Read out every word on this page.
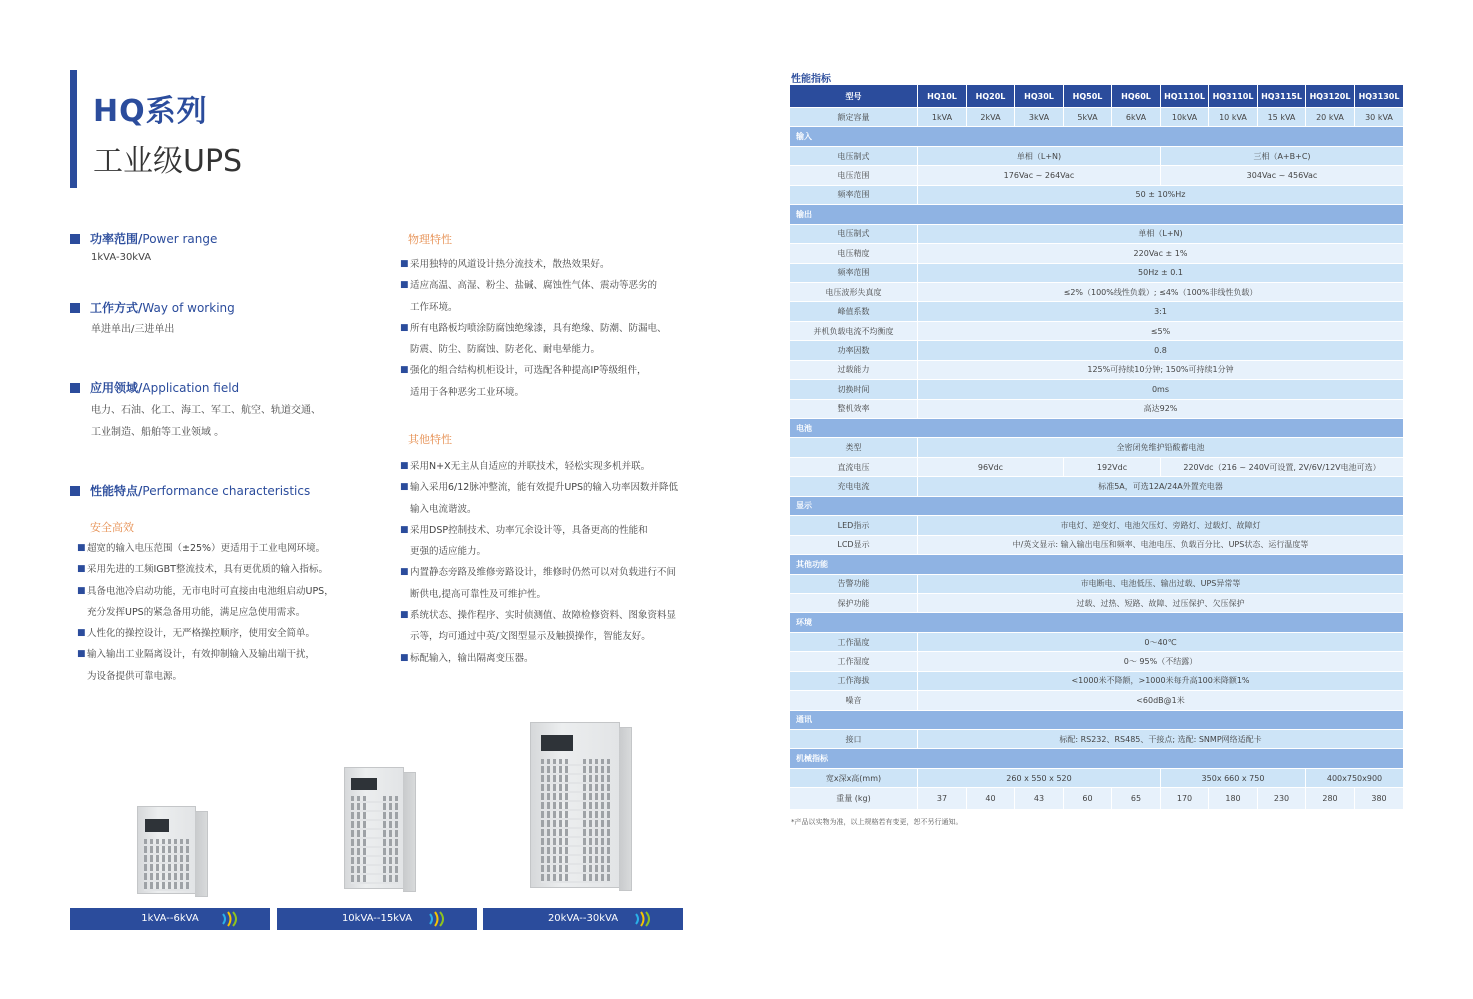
HQ系列
工业级UPS
功率范围/Power range
1kVA-30kVA
工作方式/Way of working
单进单出/三进单出
应用领域/Application field
电力、石油、化工、海工、军工、航空、轨道交通、
工业制造、船舶等工业领域 。
性能特点/Performance characteristics
安全高效
■ 超宽的输入电压范围（±25%）更适用于工业电网环境。
■ 采用先进的工频IGBT整流技术，具有更优质的输入指标。
■ 具备电池冷启动功能，无市电时可直接由电池组启动UPS，
充分发挥UPS的紧急备用功能，满足应急使用需求。
■ 人性化的操控设计，无严格操控顺序，使用安全简单。
■ 输入输出工业隔离设计，有效抑制输入及输出端干扰，
为设备提供可靠电源。
物理特性
■ 采用独特的风道设计热分流技术，散热效果好。
■ 适应高温、高湿、粉尘、盐碱、腐蚀性气体、震动等恶劣的
工作环境。
■ 所有电路板均喷涂防腐蚀绝缘漆，具有绝缘、防潮、防漏电、
防震、防尘、防腐蚀、防老化、耐电晕能力。
■ 强化的组合结构机柜设计，可选配各种提高IP等级组件，
适用于各种恶劣工业环境。
其他特性
■ 采用N+X无主从自适应的并联技术，轻松实现多机并联。
■ 输入采用6/12脉冲整流，能有效提升UPS的输入功率因数并降低
输入电流谐波。
■ 采用DSP控制技术、功率冗余设计等，具备更高的性能和
更强的适应能力。
■ 内置静态旁路及维修旁路设计，维修时仍然可以对负载进行不间
断供电,提高可靠性及可维护性。
■ 系统状态、操作程序、实时侦测值、故障检修资料、图象资料显
示等，均可通过中英/文图型显示及触摸操作，智能友好。
■ 标配输入，输出隔离变压器。
1kVA--6kVA	10kVA--15kVA	20kVA--30kVA
性能指标
型号	HQ10L	HQ20L	HQ30L	HQ50L	HQ60L	HQ1110L	HQ3110L	HQ3115L	HQ3120L	HQ3130L
额定容量	1kVA	2kVA	3kVA	5kVA	6kVA	10kVA	10 kVA	15 kVA	20 kVA	30 kVA
输入										
电压制式	单相（L+N)					三相（A+B+C)				
电压范围	176Vac ~ 264Vac					304Vac ~ 456Vac				
频率范围	50 ± 10%Hz									
输出										
电压制式	单相（L+N)									
电压精度	220Vac ± 1%									
频率范围	50Hz ± 0.1									
电压波形失真度	≤2%（100%线性负载）; ≤4%（100%非线性负载）									
峰值系数	3:1									
并机负载电流不均衡度	≤5%									
功率因数	0.8									
过载能力	125%可持续10分钟; 150%可持续1分钟									
切换时间	0ms									
整机效率	高达92%									
电池										
类型	全密闭免维护铅酸蓄电池									
直流电压	96Vdc			192Vdc		220Vdc（216 ~ 240V可设置, 2V/6V/12V电池可选）				
充电电流	标准5A，可选12A/24A外置充电器									
显示										
LED指示	市电灯、逆变灯、电池欠压灯、旁路灯、过载灯、故障灯									
LCD显示	中/英文显示: 输入输出电压和频率、电池电压、负载百分比、UPS状态、运行温度等									
其他功能										
告警功能	市电断电、电池低压、输出过载、UPS异常等									
保护功能	过载、过热、短路、故障、过压保护、欠压保护									
环境										
工作温度	0～40℃									
工作湿度	0～ 95%（不结露）									
工作海拔	<1000米不降额，>1000米每升高100米降额1%									
噪音	<60dB@1米									
通讯										
接口	标配: RS232、RS485、干接点; 选配: SNMP网络适配卡									
机械指标										
宽x深x高(mm)	260 x 550 x 520					350x 660 x 750			400x750x900	
重量 (kg)	37	40	43	60	65	170	180	230	280	380
*产品以实物为准，以上规格若有变更，恕不另行通知。
